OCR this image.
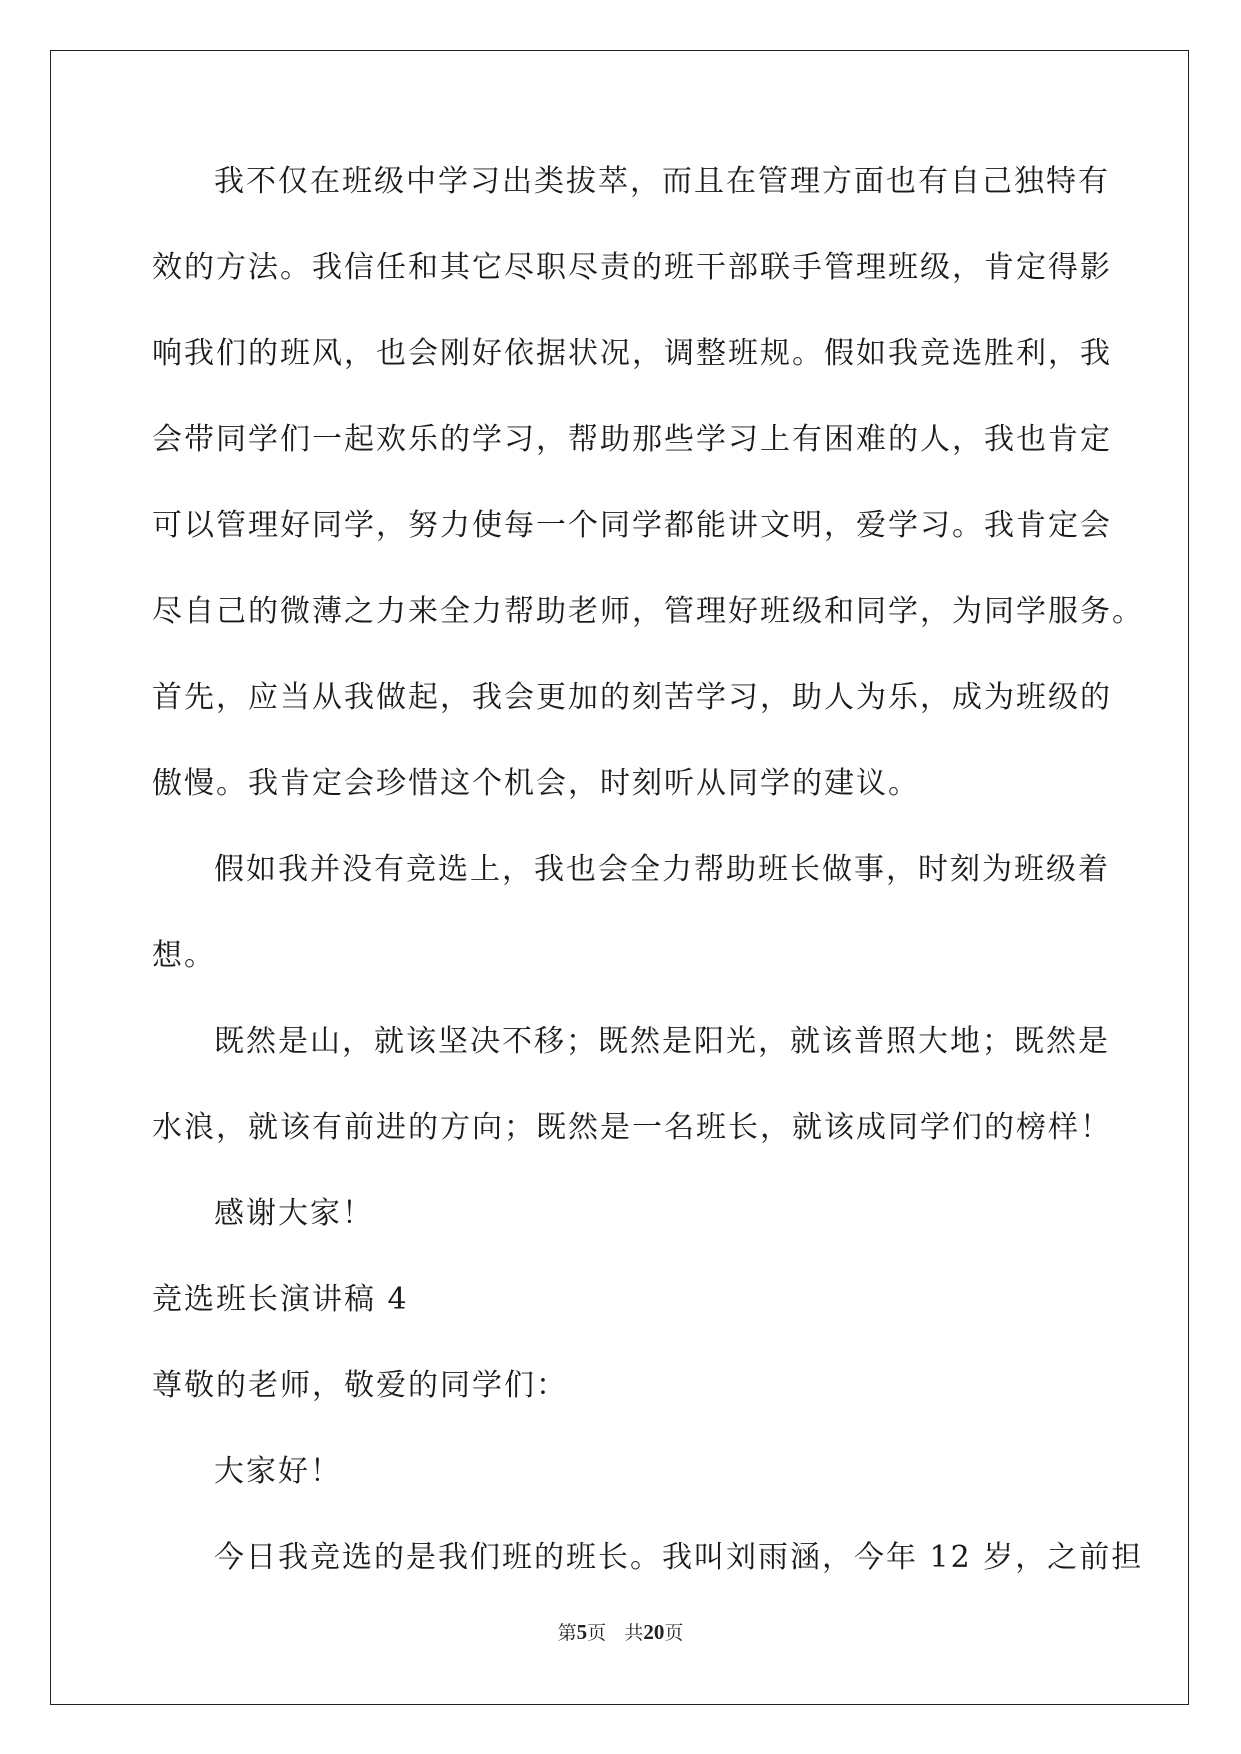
我不仅在班级中学习出类拔萃，而且在管理方面也有自己独特有
效的方法。我信任和其它尽职尽责的班干部联手管理班级，肯定得影
响我们的班风，也会刚好依据状况，调整班规。假如我竞选胜利，我
会带同学们一起欢乐的学习，帮助那些学习上有困难的人，我也肯定
可以管理好同学，努力使每一个同学都能讲文明，爱学习。我肯定会
尽自己的微薄之力来全力帮助老师，管理好班级和同学，为同学服务。
首先，应当从我做起，我会更加的刻苦学习，助人为乐，成为班级的
傲慢。我肯定会珍惜这个机会，时刻听从同学的建议。
假如我并没有竞选上，我也会全力帮助班长做事，时刻为班级着
想。
既然是山，就该坚决不移；既然是阳光，就该普照大地；既然是
水浪，就该有前进的方向；既然是一名班长，就该成同学们的榜样！
感谢大家！
竞选班长演讲稿 4
尊敬的老师，敬爱的同学们：
大家好！
今日我竞选的是我们班的班长。我叫刘雨涵，今年 12 岁，之前担
第5页 共20页
